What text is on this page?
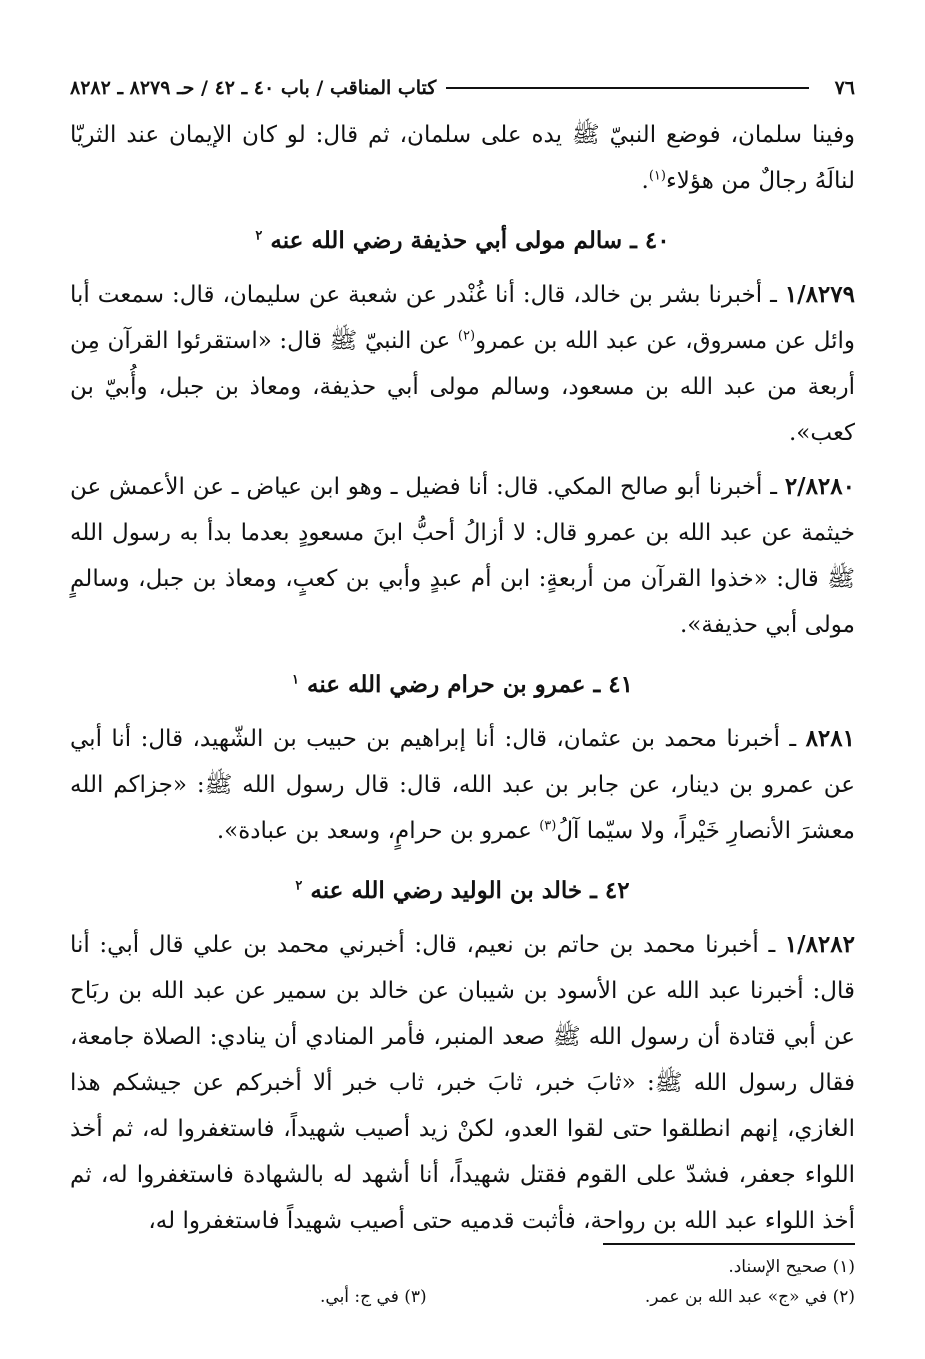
٧٦
كتاب المناقب / باب ٤٠ ـ ٤٢ / حـ ٨٢٧٩ ـ ٨٢٨٢

وفينا سلمان، فوضع النبيّ ﷺ يده على سلمان، ثم قال: لو كان الإيمان عند الثريّا لنالَهُ رجالٌ من هؤلاء$^{(١)}$.

٤٠ ـ سالم مولى أبي حذيفة رضي الله عنه $^٢$

١/٨٢٧٩ ـ أخبرنا بشر بن خالد، قال: أنا غُنْدر عن شعبة عن سليمان، قال: سمعت أبا وائل عن مسروق، عن عبد الله بن عمرو$^{(٢)}$ عن النبيّ ﷺ قال: «استقرئوا القرآن مِن أربعة من عبد الله بن مسعود، وسالم مولى أبي حذيفة، ومعاذ بن جبل، وأُبيّ بن كعب».

٢/٨٢٨٠ ـ أخبرنا أبو صالح المكي. قال: أنا فضيل ـ وهو ابن عياض ـ عن الأعمش عن خيثمة عن عبد الله بن عمرو قال: لا أزالُ أحبُّ ابنَ مسعودٍ بعدما بدأ به رسول الله ﷺ قال: «خذوا القرآن من أربعةٍ: ابن أم عبدٍ وأبي بن كعبٍ، ومعاذ بن جبل، وسالمٍ مولى أبي حذيفة».

٤١ ـ عمرو بن حرام رضي الله عنه $^١$

٨٢٨١ ـ أخبرنا محمد بن عثمان، قال: أنا إبراهيم بن حبيب بن الشّهيد، قال: أنا أبي عن عمرو بن دينار، عن جابر بن عبد الله، قال: قال رسول الله ﷺ: «جزاكم الله معشرَ الأنصارِ خَيْراً، ولا سيّما آلُ$^{(٣)}$ عمرو بن حرامٍ، وسعد بن عبادة».

٤٢ ـ خالد بن الوليد رضي الله عنه $^٢$

١/٨٢٨٢ ـ أخبرنا محمد بن حاتم بن نعيم، قال: أخبرني محمد بن علي قال أبي: أنا قال: أخبرنا عبد الله عن الأسود بن شيبان عن خالد بن سمير عن عبد الله بن ربَاح عن أبي قتادة أن رسول الله ﷺ صعد المنبر، فأمر المنادي أن ينادي: الصلاة جامعة، فقال رسول الله ﷺ: «ثابَ خبر، ثابَ خبر، ثاب خبر ألا أخبركم عن جيشكم هذا الغازي، إنهم انطلقوا حتى لقوا العدو، لكنْ زيد أصيب شهيداً، فاستغفروا له، ثم أخذ اللواء جعفر، فشدّ على القوم فقتل شهيداً، أنا أشهد له بالشهادة فاستغفروا له، ثم أخذ اللواء عبد الله بن رواحة، فأثبت قدميه حتى أصيب شهيداً فاستغفروا له،

(١) صحيح الإسناد.
(٢) في «ج» عبد الله بن عمر.
(٣) في ج: أبي.
